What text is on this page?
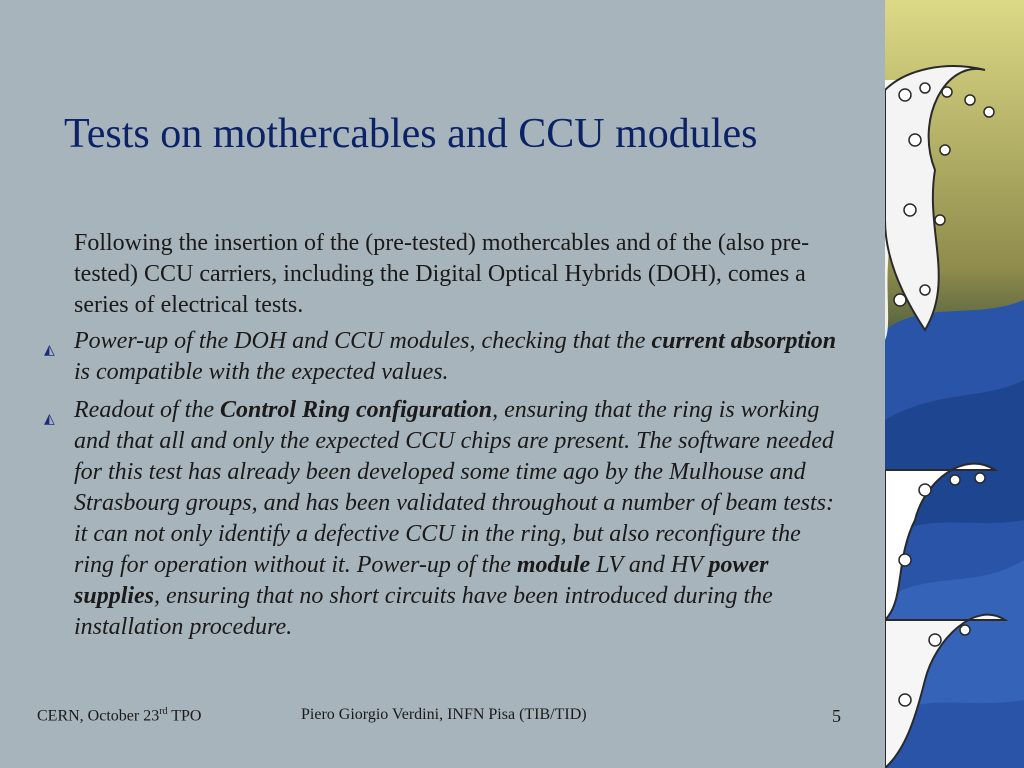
Tests on mothercables and CCU modules
Following the insertion of the (pre-tested) mothercables and of the (also pre-tested) CCU carriers, including the Digital Optical Hybrids (DOH), comes a series of electrical tests.
◭ Power-up of the DOH and CCU modules, checking that the current absorption is compatible with the expected values.
◭ Readout of the Control Ring configuration, ensuring that the ring is working and that all and only the expected CCU chips are present. The software needed for this test has already been developed some time ago by the Mulhouse and Strasbourg groups, and has been validated throughout a number of beam tests: it can not only identify a defective CCU in the ring, but also reconfigure the ring for operation without it. Power-up of the module LV and HV power supplies, ensuring that no short circuits have been introduced during the installation procedure.
CERN, October 23rd TPO	Piero Giorgio Verdini, INFN Pisa (TIB/TID)	5
